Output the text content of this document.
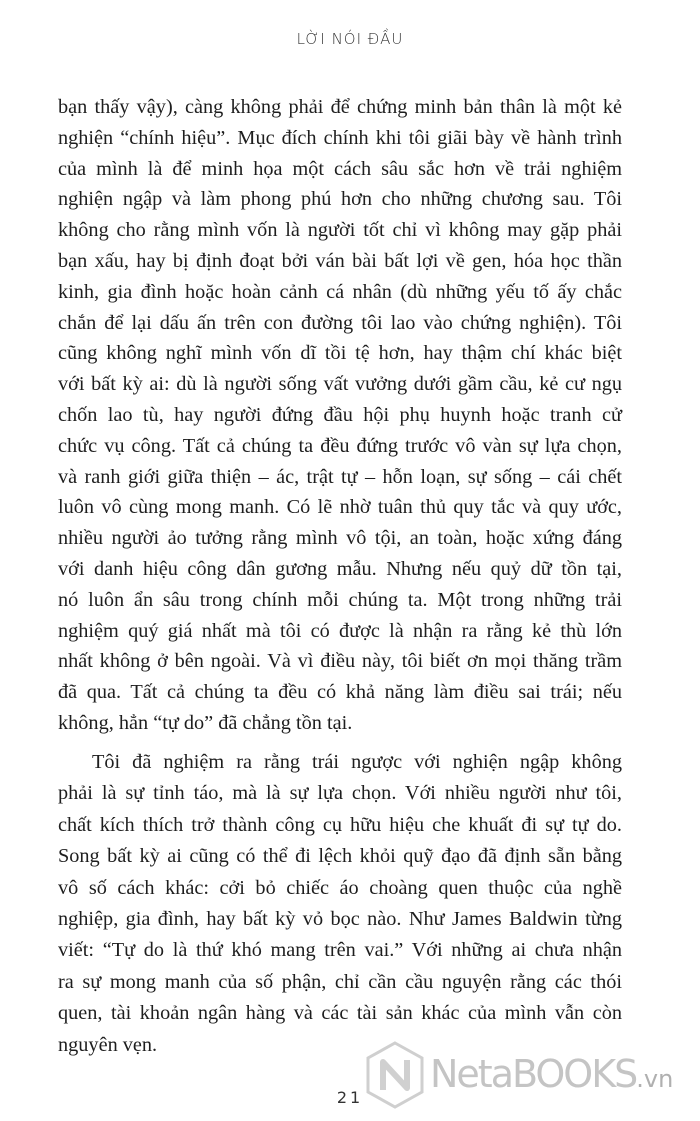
LỜI NÓI ĐẦU
bạn thấy vậy), càng không phải để chứng minh bản thân là một kẻ
nghiện “chính hiệu”. Mục đích chính khi tôi giãi bày về hành trình
của mình là để minh họa một cách sâu sắc hơn về trải nghiệm
nghiện ngập và làm phong phú hơn cho những chương sau. Tôi
không cho rằng mình vốn là người tốt chỉ vì không may gặp phải
bạn xấu, hay bị định đoạt bởi ván bài bất lợi về gen, hóa học thần
kinh, gia đình hoặc hoàn cảnh cá nhân (dù những yếu tố ấy chắc
chắn để lại dấu ấn trên con đường tôi lao vào chứng nghiện). Tôi
cũng không nghĩ mình vốn dĩ tồi tệ hơn, hay thậm chí khác biệt
với bất kỳ ai: dù là người sống vất vưởng dưới gầm cầu, kẻ cư ngụ
chốn lao tù, hay người đứng đầu hội phụ huynh hoặc tranh cử
chức vụ công. Tất cả chúng ta đều đứng trước vô vàn sự lựa chọn,
và ranh giới giữa thiện – ác, trật tự – hỗn loạn, sự sống – cái chết
luôn vô cùng mong manh. Có lẽ nhờ tuân thủ quy tắc và quy ước,
nhiều người ảo tưởng rằng mình vô tội, an toàn, hoặc xứng đáng
với danh hiệu công dân gương mẫu. Nhưng nếu quỷ dữ tồn tại,
nó luôn ẩn sâu trong chính mỗi chúng ta. Một trong những trải
nghiệm quý giá nhất mà tôi có được là nhận ra rằng kẻ thù lớn
nhất không ở bên ngoài. Và vì điều này, tôi biết ơn mọi thăng trầm
đã qua. Tất cả chúng ta đều có khả năng làm điều sai trái; nếu
không, hẳn “tự do” đã chẳng tồn tại.
Tôi đã nghiệm ra rằng trái ngược với nghiện ngập không
phải là sự tỉnh táo, mà là sự lựa chọn. Với nhiều người như tôi,
chất kích thích trở thành công cụ hữu hiệu che khuất đi sự tự do.
Song bất kỳ ai cũng có thể đi lệch khỏi quỹ đạo đã định sẵn bằng
vô số cách khác: cởi bỏ chiếc áo choàng quen thuộc của nghề
nghiệp, gia đình, hay bất kỳ vỏ bọc nào. Như James Baldwin từng
viết: “Tự do là thứ khó mang trên vai.” Với những ai chưa nhận
ra sự mong manh của số phận, chỉ cần cầu nguyện rằng các thói
quen, tài khoản ngân hàng và các tài sản khác của mình vẫn còn
nguyên vẹn.
NetaBOOKS.vn
21
